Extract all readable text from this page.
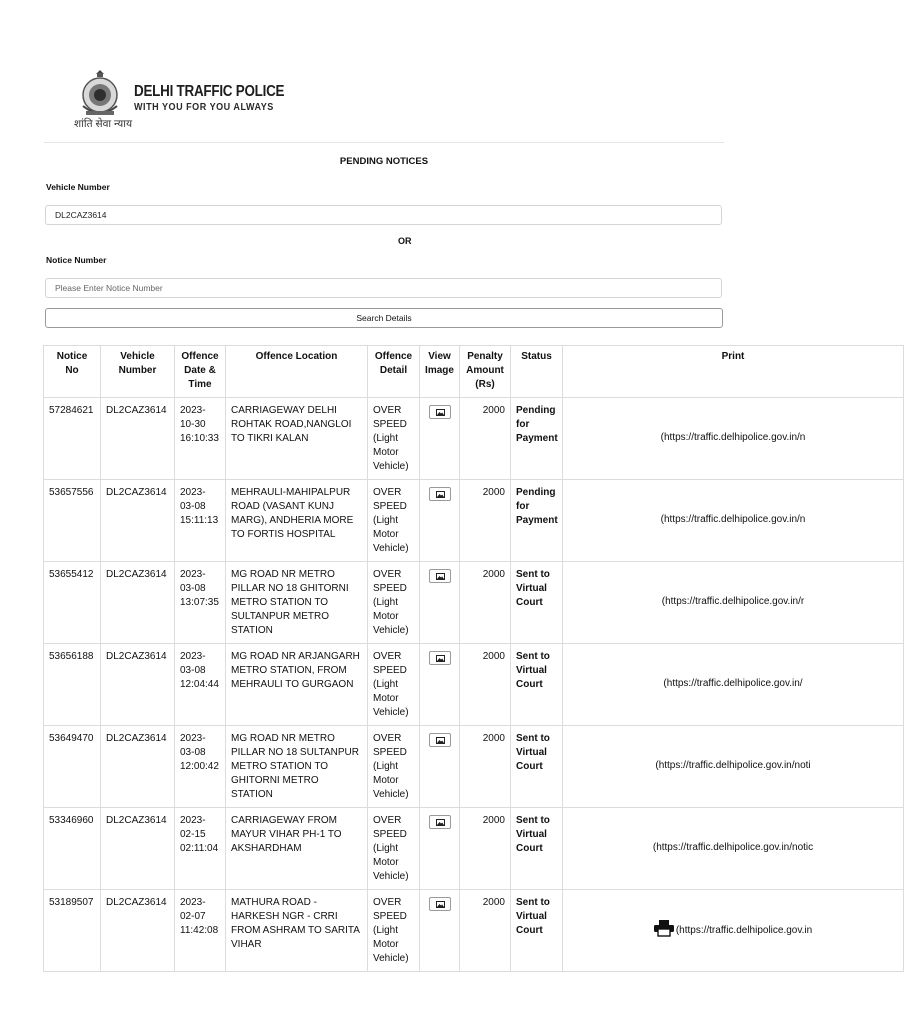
DELHI TRAFFIC POLICE
WITH YOU FOR YOU ALWAYS
शांति सेवा न्याय
PENDING NOTICES
Vehicle Number
DL2CAZ3614
OR
Notice Number
Please Enter Notice Number
Search Details
Notice No	Vehicle Number	Offence Date & Time	Offence Location	Offence Detail	View Image	Penalty Amount (Rs)	Status	Print
57284621	DL2CAZ3614	2023-10-30 16:10:33	CARRIAGEWAY DELHI ROHTAK ROAD,NANGLOI TO TIKRI KALAN	OVER SPEED (Light Motor Vehicle)		2000	Pending for Payment	(https://traffic.delhipolice.gov.in/n
53657556	DL2CAZ3614	2023-03-08 15:11:13	MEHRAULI-MAHIPALPUR ROAD (VASANT KUNJ MARG), ANDHERIA MORE TO FORTIS HOSPITAL	OVER SPEED (Light Motor Vehicle)		2000	Pending for Payment	(https://traffic.delhipolice.gov.in/n
53655412	DL2CAZ3614	2023-03-08 13:07:35	MG ROAD NR METRO PILLAR NO 18 GHITORNI METRO STATION TO SULTANPUR METRO STATION	OVER SPEED (Light Motor Vehicle)		2000	Sent to Virtual Court	(https://traffic.delhipolice.gov.in/r
53656188	DL2CAZ3614	2023-03-08 12:04:44	MG ROAD NR ARJANGARH METRO STATION, FROM MEHRAULI TO GURGAON	OVER SPEED (Light Motor Vehicle)		2000	Sent to Virtual Court	(https://traffic.delhipolice.gov.in/
53649470	DL2CAZ3614	2023-03-08 12:00:42	MG ROAD NR METRO PILLAR NO 18 SULTANPUR METRO STATION TO GHITORNI METRO STATION	OVER SPEED (Light Motor Vehicle)		2000	Sent to Virtual Court	(https://traffic.delhipolice.gov.in/noti
53346960	DL2CAZ3614	2023-02-15 02:11:04	CARRIAGEWAY FROM MAYUR VIHAR PH-1 TO AKSHARDHAM	OVER SPEED (Light Motor Vehicle)		2000	Sent to Virtual Court	(https://traffic.delhipolice.gov.in/notic
53189507	DL2CAZ3614	2023-02-07 11:42:08	MATHURA ROAD - HARKESH NGR - CRRI FROM ASHRAM TO SARITA VIHAR	OVER SPEED (Light Motor Vehicle)		2000	Sent to Virtual Court	(https://traffic.delhipolice.gov.in
